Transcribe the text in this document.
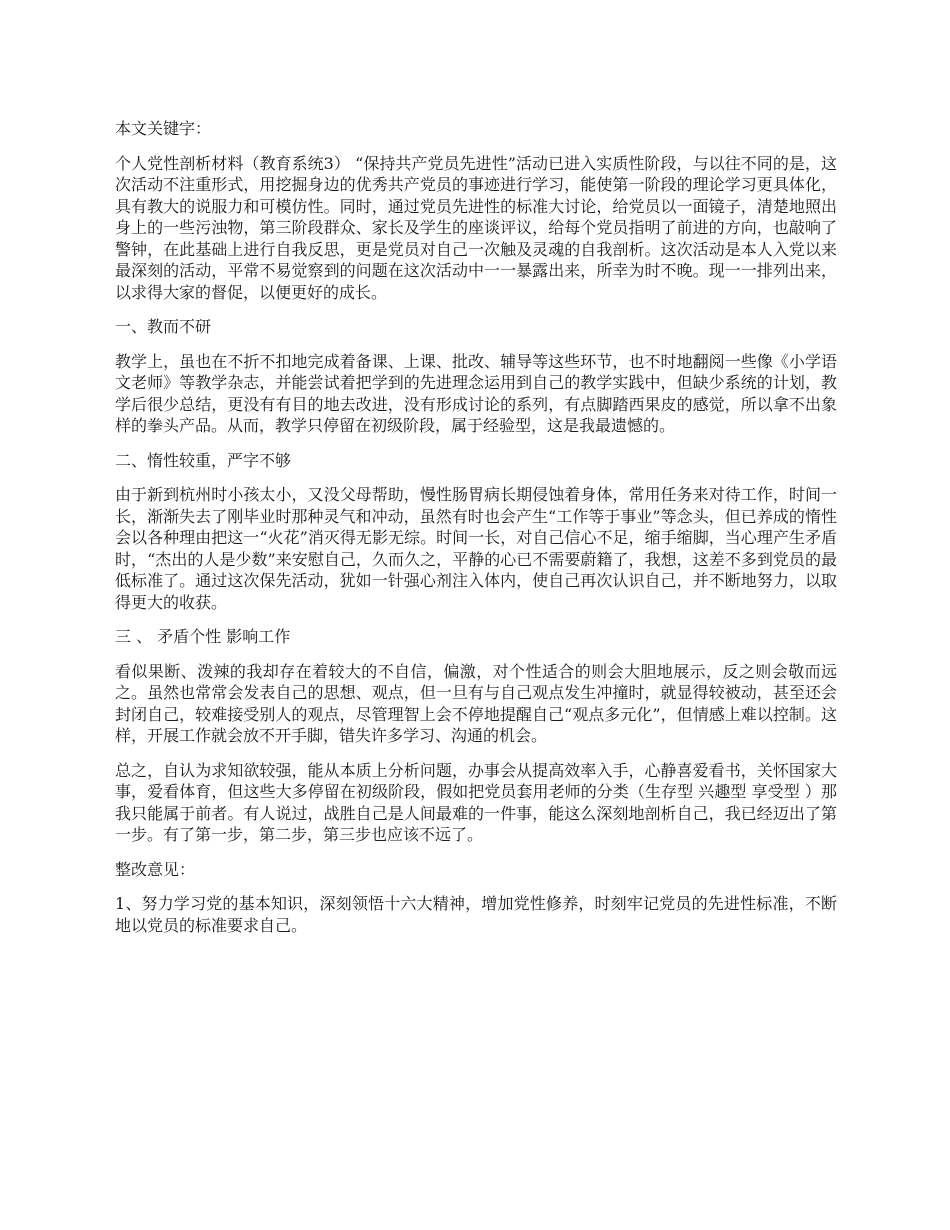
本文关键字：

个人党性剖析材料（教育系统3） “保持共产党员先进性”活动已进入实质性阶段，与以往不同的是，这次活动不注重形式，用挖掘身边的优秀共产党员的事迹进行学习，能使第一阶段的理论学习更具体化，具有教大的说服力和可模仿性。同时，通过党员先进性的标准大讨论，给党员以一面镜子，清楚地照出身上的一些污浊物，第三阶段群众、家长及学生的座谈评议，给每个党员指明了前进的方向，也敲响了警钟，在此基础上进行自我反思，更是党员对自己一次触及灵魂的自我剖析。这次活动是本人入党以来最深刻的活动，平常不易觉察到的问题在这次活动中一一暴露出来，所幸为时不晚。现一一排列出来，以求得大家的督促，以便更好的成长。

一、教而不研

教学上，虽也在不折不扣地完成着备课、上课、批改、辅导等这些环节，也不时地翻阅一些像《小学语文老师》等教学杂志，并能尝试着把学到的先进理念运用到自己的教学实践中，但缺少系统的计划，教学后很少总结，更没有有目的地去改进，没有形成讨论的系列，有点脚踏西果皮的感觉，所以拿不出象样的拳头产品。从而，教学只停留在初级阶段，属于经验型，这是我最遗憾的。

二、惰性较重，严字不够

由于新到杭州时小孩太小，又没父母帮助，慢性肠胃病长期侵蚀着身体，常用任务来对待工作，时间一长，渐渐失去了刚毕业时那种灵气和冲动，虽然有时也会产生“工作等于事业”等念头，但已养成的惰性会以各种理由把这一“火花”消灭得无影无综。时间一长，对自己信心不足，缩手缩脚，当心理产生矛盾时，“杰出的人是少数”来安慰自己，久而久之，平静的心已不需要蔚籍了，我想，这差不多到党员的最低标准了。通过这次保先活动，犹如一针强心剂注入体内，使自己再次认识自己，并不断地努力，以取得更大的收获。

三 、 矛盾个性 影响工作

看似果断、泼辣的我却存在着较大的不自信，偏激，对个性适合的则会大胆地展示，反之则会敬而远之。虽然也常常会发表自己的思想、观点，但一旦有与自己观点发生冲撞时，就显得较被动，甚至还会封闭自己，较难接受别人的观点，尽管理智上会不停地提醒自己“观点多元化”，但情感上难以控制。这样，开展工作就会放不开手脚，错失许多学习、沟通的机会。

总之，自认为求知欲较强，能从本质上分析问题，办事会从提高效率入手，心静喜爱看书，关怀国家大事，爱看体育，但这些大多停留在初级阶段，假如把党员套用老师的分类（生存型 兴趣型 享受型 ）那我只能属于前者。有人说过，战胜自己是人间最难的一件事，能这么深刻地剖析自己，我已经迈出了第一步。有了第一步，第二步，第三步也应该不远了。

整改意见：

1、努力学习党的基本知识，深刻领悟十六大精神，增加党性修养，时刻牢记党员的先进性标准，不断地以党员的标准要求自己。
